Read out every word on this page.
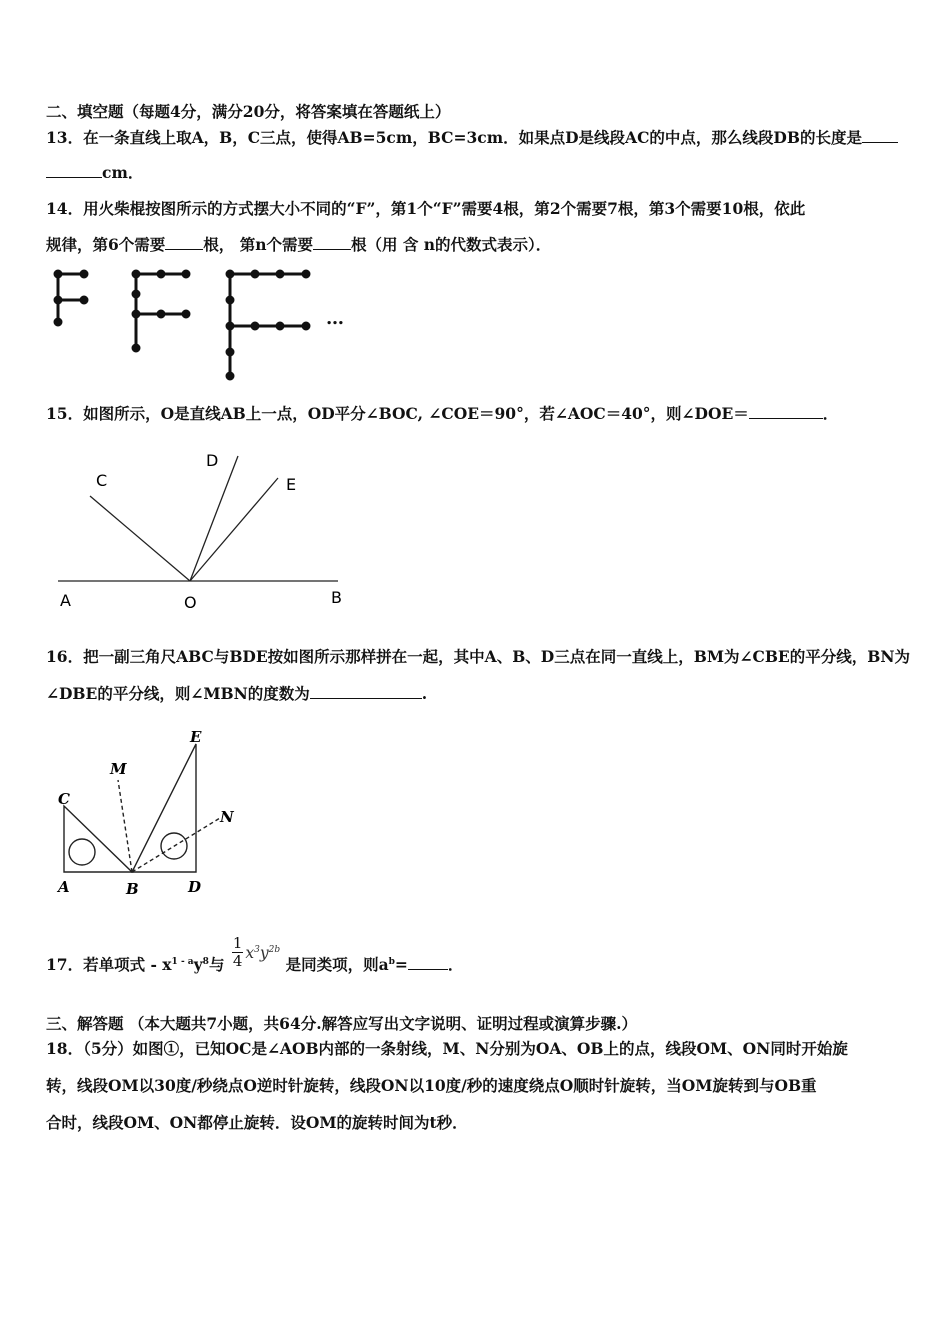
二、填空题（每题4分，满分20分，将答案填在答题纸上）
13．在一条直线上取A，B，C三点，使得AB=5cm，BC=3cm．如果点D是线段AC的中点，那么线段DB的长度是
cm．
14．用火柴棍按图所示的方式摆大小不同的“F”，第1个“F”需要4根，第2个需要7根，第3个需要10根，依此
规律，第6个需要 根， 第n个需要 根（用 含 n的代数式表示）．
…
15．如图所示，O是直线AB上一点，OD平分∠BOC, ∠COE＝90°，若∠AOC＝40°，则∠DOE＝	．
C
D
E
A	O	B
16．把一副三角尺ABC与BDE按如图所示那样拼在一起，其中A、B、D三点在同一直线上，BM为∠CBE的平分线，BN为
∠DBE的平分线，则∠MBN的度数为	.
C
M
E
N
A	B	D
17．若单项式 - $x^{1 - a}y^8$与 $\frac{1}{4} x^3y^{2b}$ 是同类项，则$a^b=$	．
三、解答题 （本大题共7小题，共64分.解答应写出文字说明、证明过程或演算步骤.）
18．（5分）如图①，已知OC是∠AOB内部的一条射线，M、N分别为OA、OB上的点，线段OM、ON同时开始旋
转，线段OM以30度/秒绕点O逆时针旋转，线段ON以10度/秒的速度绕点O顺时针旋转，当OM旋转到与OB重
合时，线段OM、ON都停止旋转．设OM的旋转时间为t秒．
